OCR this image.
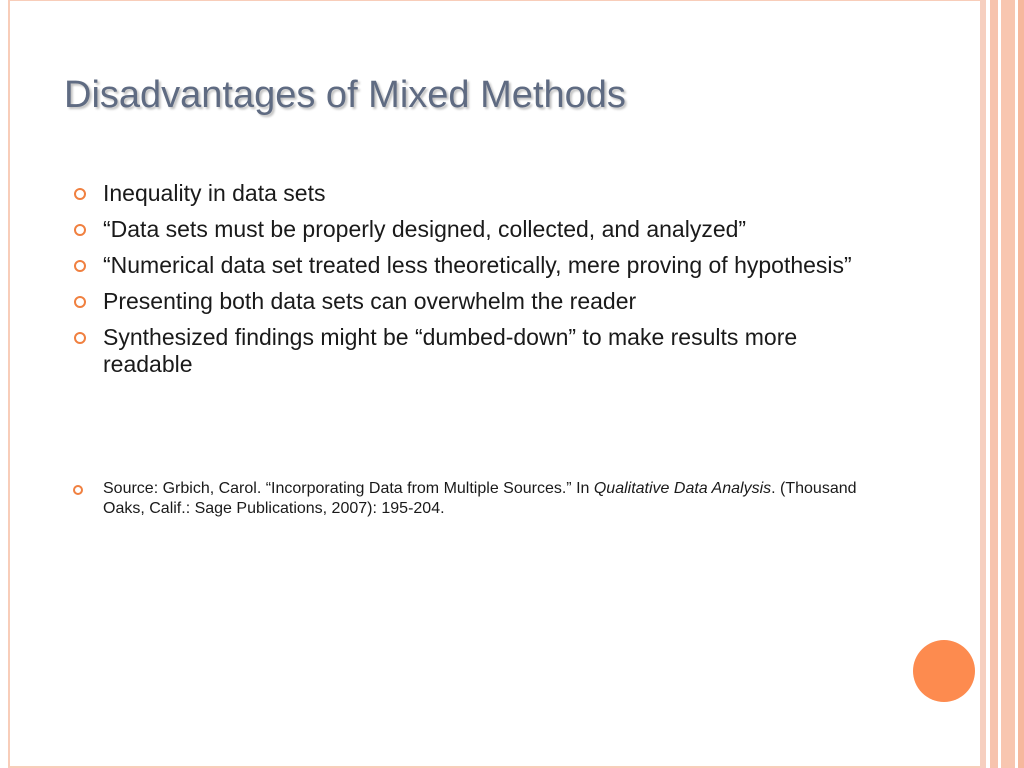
Disadvantages of Mixed Methods
Inequality in data sets
“Data sets must be properly designed, collected, and analyzed”
“Numerical data set treated less theoretically, mere proving of hypothesis”
Presenting both data sets can overwhelm the reader
Synthesized findings might be “dumbed-down” to make results more readable
Source: Grbich, Carol. “Incorporating Data from Multiple Sources.” In Qualitative Data Analysis. (Thousand Oaks, Calif.: Sage Publications, 2007): 195-204.
